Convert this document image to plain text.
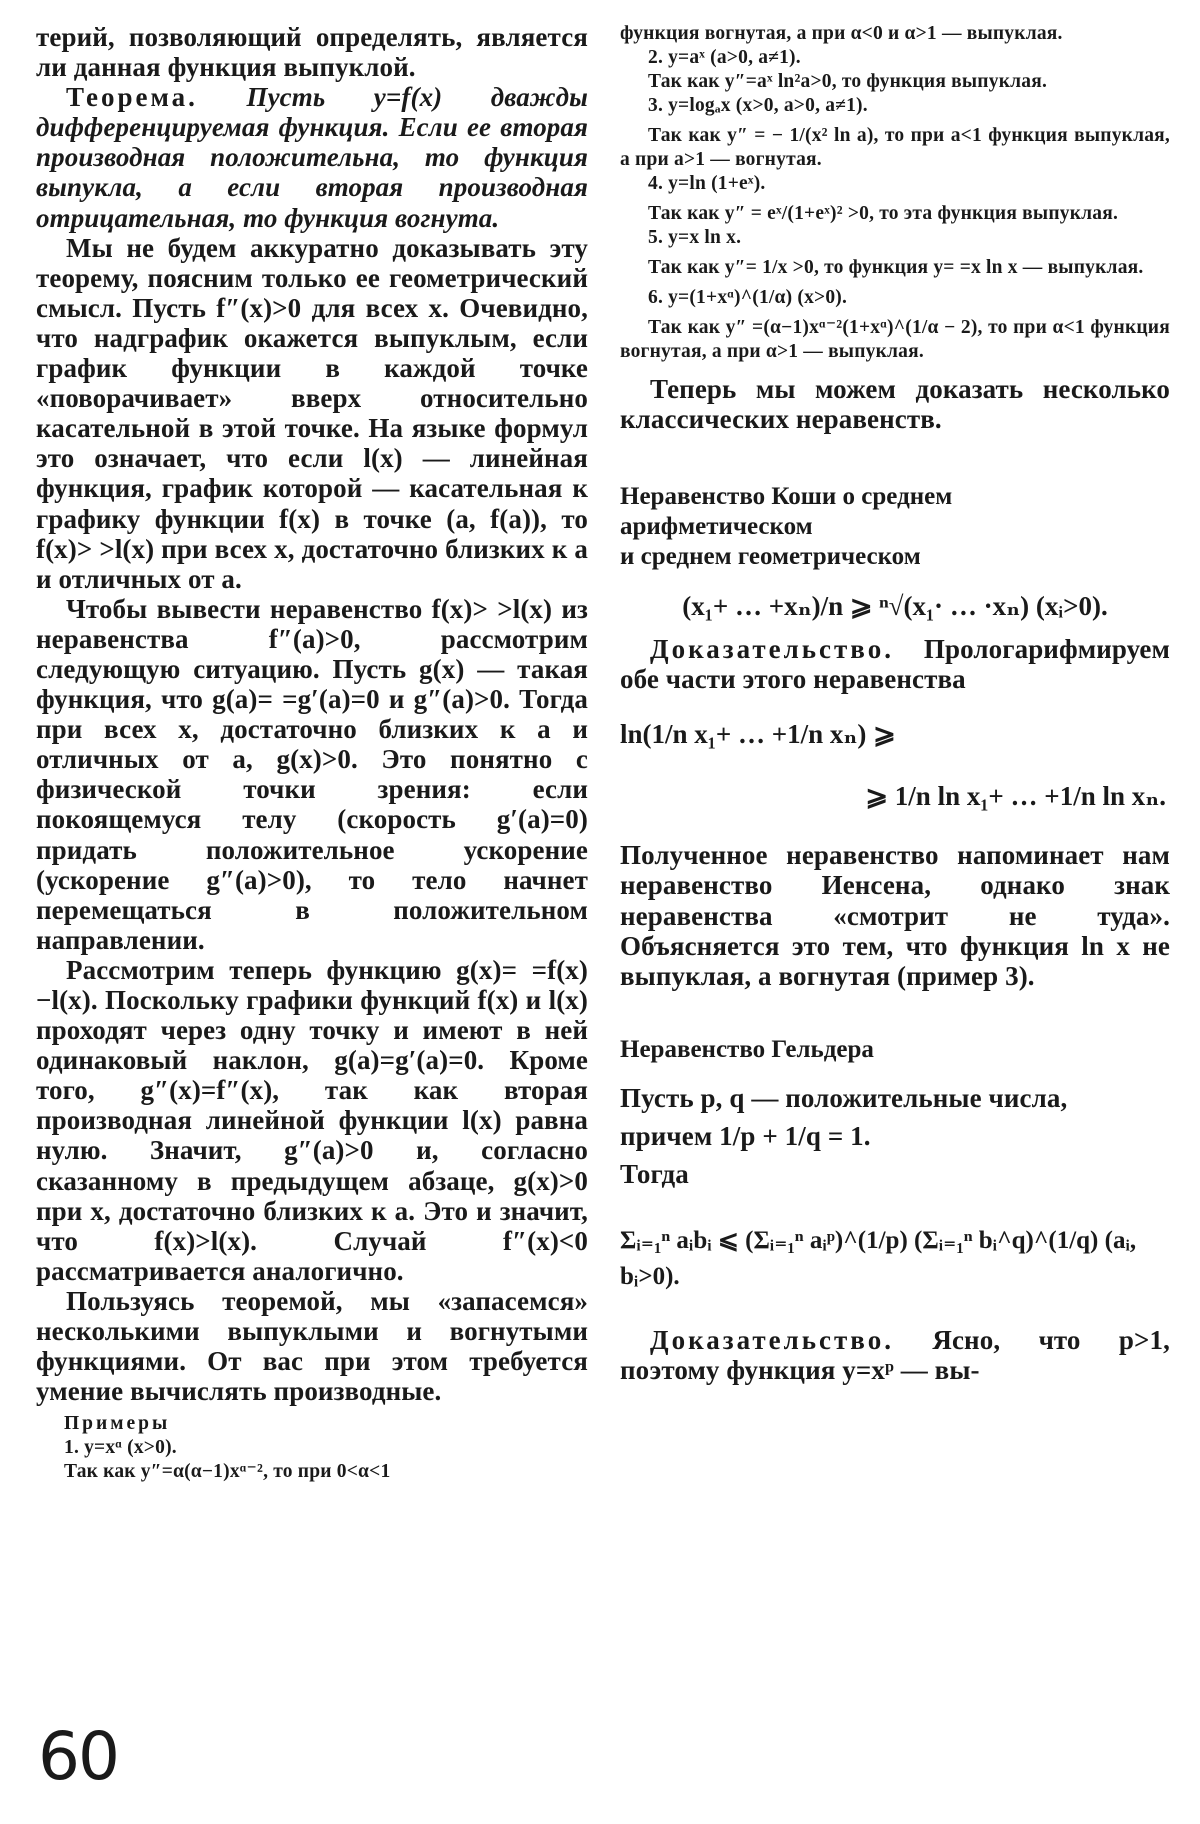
терий, позволяющий определять, является ли данная функция выпуклой.

Теорема. Пусть y=f(x) дважды дифференцируемая функция. Если ее вторая производная положительна, то функция выпукла, а если вторая производная отрицательная, то функция вогнута.

Мы не будем аккуратно доказывать эту теорему, поясним только ее геометрический смысл. Пусть f″(x)>0 для всех x. Очевидно, что надграфик окажется выпуклым, если график функции в каждой точке «поворачивает» вверх относительно касательной в этой точке. На языке формул это означает, что если l(x) — линейная функция, график которой — касательная к графику функции f(x) в точке (a, f(a)), то f(x)> >l(x) при всех x, достаточно близких к a и отличных от a.

Чтобы вывести неравенство f(x)> >l(x) из неравенства f″(a)>0, рассмотрим следующую ситуацию. Пусть g(x) — такая функция, что g(a)= =g′(a)=0 и g″(a)>0. Тогда при всех x, достаточно близких к a и отличных от a, g(x)>0. Это понятно с физической точки зрения: если покоящемуся телу (скорость g′(a)=0) придать положительное ускорение (ускорение g″(a)>0), то тело начнет перемещаться в положительном направлении.

Рассмотрим теперь функцию g(x)= =f(x)−l(x). Поскольку графики функций f(x) и l(x) проходят через одну точку и имеют в ней одинаковый наклон, g(a)=g′(a)=0. Кроме того, g″(x)=f″(x), так как вторая производная линейной функции l(x) равна нулю. Значит, g″(a)>0 и, согласно сказанному в предыдущем абзаце, g(x)>0 при x, достаточно близких к a. Это и значит, что f(x)>l(x). Случай f″(x)<0 рассматривается аналогично.

Пользуясь теоремой, мы «запасемся» несколькими выпуклыми и вогнутыми функциями. От вас при этом требуется умение вычислять производные.

Примеры

1. y=xᵅ (x>0).

Так как y″=α(α−1)xᵅ⁻², то при 0<α<1

функция вогнутая, а при α<0 и α>1 — выпуклая.

2. y=aˣ (a>0, a≠1).

Так как y″=aˣ ln²a>0, то функция выпуклая.

3. y=logₐx (x>0, a>0, a≠1).

Так как y″ = − 1/(x² ln a), то при a<1 функция выпуклая, а при a>1 — вогнутая.

4. y=ln (1+eˣ).

Так как y″ = eˣ/(1+eˣ)² >0, то эта функция выпуклая.

5. y=x ln x.

Так как y″= 1/x >0, то функция y= =x ln x — выпуклая.

6. y=(1+xᵅ)^(1/α) (x>0).

Так как y″ =(α−1)xᵅ⁻²(1+xᵅ)^(1/α − 2), то при α<1 функция вогнутая, а при α>1 — выпуклая.

Теперь мы можем доказать несколько классических неравенств.

Неравенство Коши о среднем

арифметическом

и среднем геометрическом

(x₁+ … +xₙ)/n ⩾ ⁿ√(x₁· … ·xₙ) (xᵢ>0).

Доказательство. Прологарифмируем обе части этого неравенства

ln(1/n x₁+ … +1/n xₙ) ⩾

⩾ 1/n ln x₁+ … +1/n ln xₙ.

Полученное неравенство напоминает нам неравенство Иенсена, однако знак неравенства «смотрит не туда». Объясняется это тем, что функция ln x не выпуклая, а вогнутая (пример 3).

Неравенство Гельдера

Пусть p, q — положительные числа,

причем 1/p + 1/q = 1.

Тогда

Σᵢ₌₁ⁿ aᵢbᵢ ⩽ (Σᵢ₌₁ⁿ aᵢᵖ)^(1/p) (Σᵢ₌₁ⁿ bᵢ^q)^(1/q) (aᵢ, bᵢ>0).

Доказательство. Ясно, что p>1, поэтому функция y=xᵖ — вы-

60
